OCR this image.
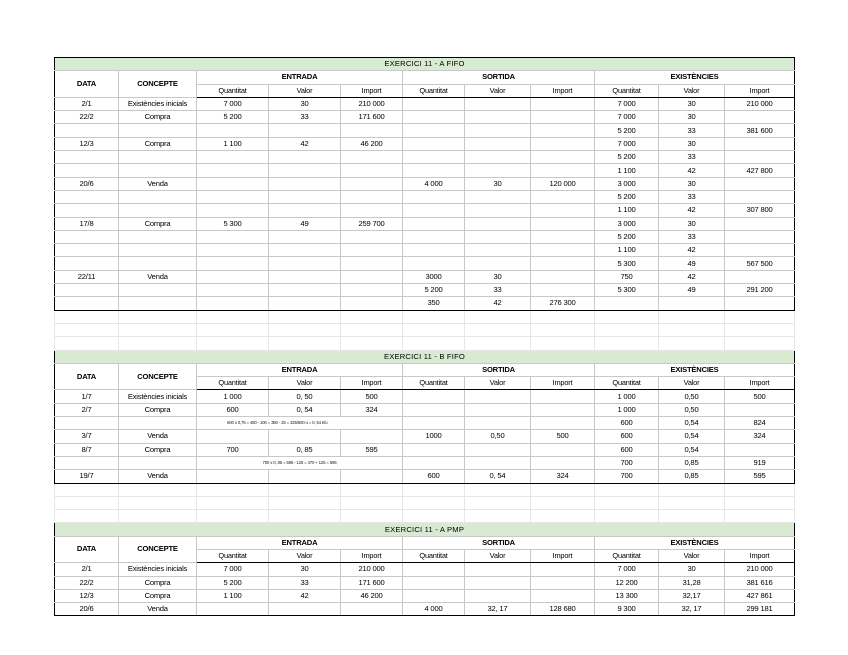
EXERCICI 11 - A FIFO										
DATA	CONCEPTE	ENTRADA			SORTIDA			EXISTÈNCIES		
		Quantitat	Valor	Import	Quantitat	Valor	Import	Quantitat	Valor	Import
2/1	Existències inicials	7 000	30	210 000				7 000	30	210 000
22/2	Compra	5 200	33	171 600				7 000	30	
								5 200	33	381 600
12/3	Compra	1 100	42	46 200				7 000	30	
								5 200	33	
								1 100	42	427 800
20/6	Venda				4 000	30	120 000	3 000	30	
								5 200	33	
								1 100	42	307 800
17/8	Compra	5 300	49	259 700				3 000	30	
								5 200	33	
								1 100	42	
								5 300	49	567 500
22/11	Venda				3000	30		750	42	
					5 200	33		5 300	49	291 200
					350	42	276 300			

EXERCICI 11 - B FIFO										
DATA	CONCEPTE	ENTRADA			SORTIDA			EXISTÈNCIES		
		Quantitat	Valor	Import	Quantitat	Valor	Import	Quantitat	Valor	Import
1/7	Existències inicials	1 000	0, 50	500				1 000	0,50	500
2/7	Compra	600	0, 54	324				1 000	0,50	
		600 x 0,75 = 450 - 100 = 350 - 25 = 325/600 u = 0, 54 €/u						600	0,54	824
3/7	Venda				1000	0,50	500	600	0,54	324
8/7	Compra	700	0, 85	595				600	0,54	
		700 x 0, 85 = 595 - 125 = 470 + 125 = 595						700	0,85	919
19/7	Venda				600	0, 54	324	700	0,85	595

EXERCICI 11 - A PMP										
DATA	CONCEPTE	ENTRADA			SORTIDA			EXISTÈNCIES		
		Quantitat	Valor	Import	Quantitat	Valor	Import	Quantitat	Valor	Import
2/1	Existències inicials	7 000	30	210 000				7 000	30	210 000
22/2	Compra	5 200	33	171 600				12 200	31,28	381 616
12/3	Compra	1 100	42	46 200				13 300	32,17	427 861
20/6	Venda				4 000	32, 17	128 680	9 300	32, 17	299 181
